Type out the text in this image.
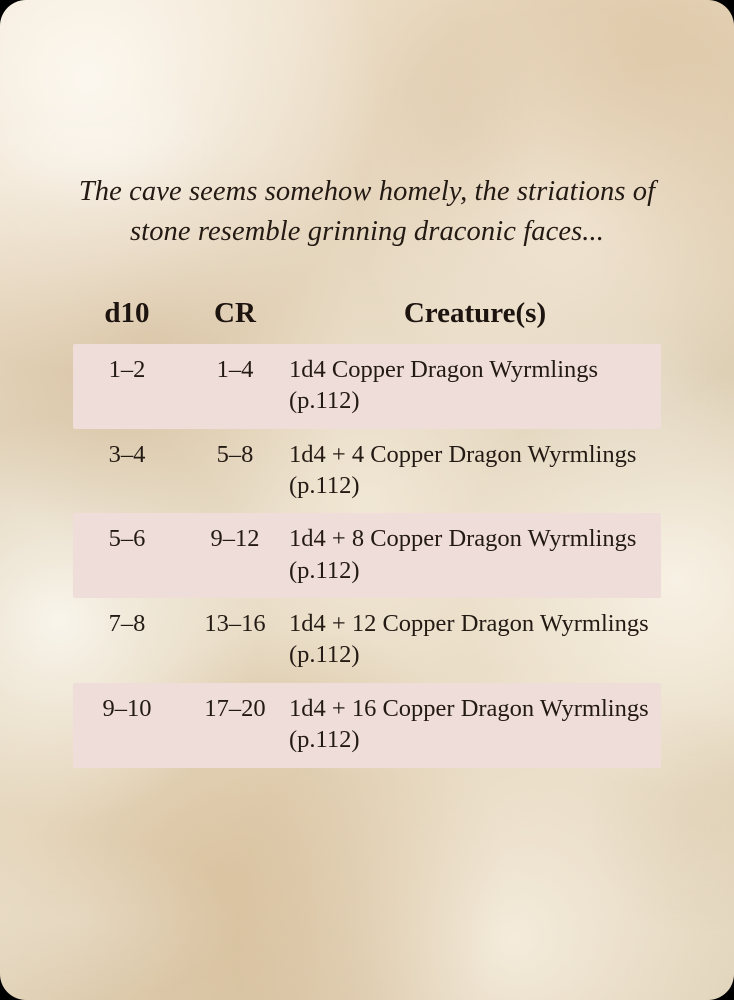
The cave seems somehow homely, the striations of stone resemble grinning draconic faces...

d10	CR	Creature(s)
1–2	1–4	1d4 Copper Dragon Wyrmlings (p.112)
3–4	5–8	1d4 + 4 Copper Dragon Wyrmlings (p.112)
5–6	9–12	1d4 + 8 Copper Dragon Wyrmlings (p.112)
7–8	13–16	1d4 + 12 Copper Dragon Wyrmlings (p.112)
9–10	17–20	1d4 + 16 Copper Dragon Wyrmlings (p.112)
